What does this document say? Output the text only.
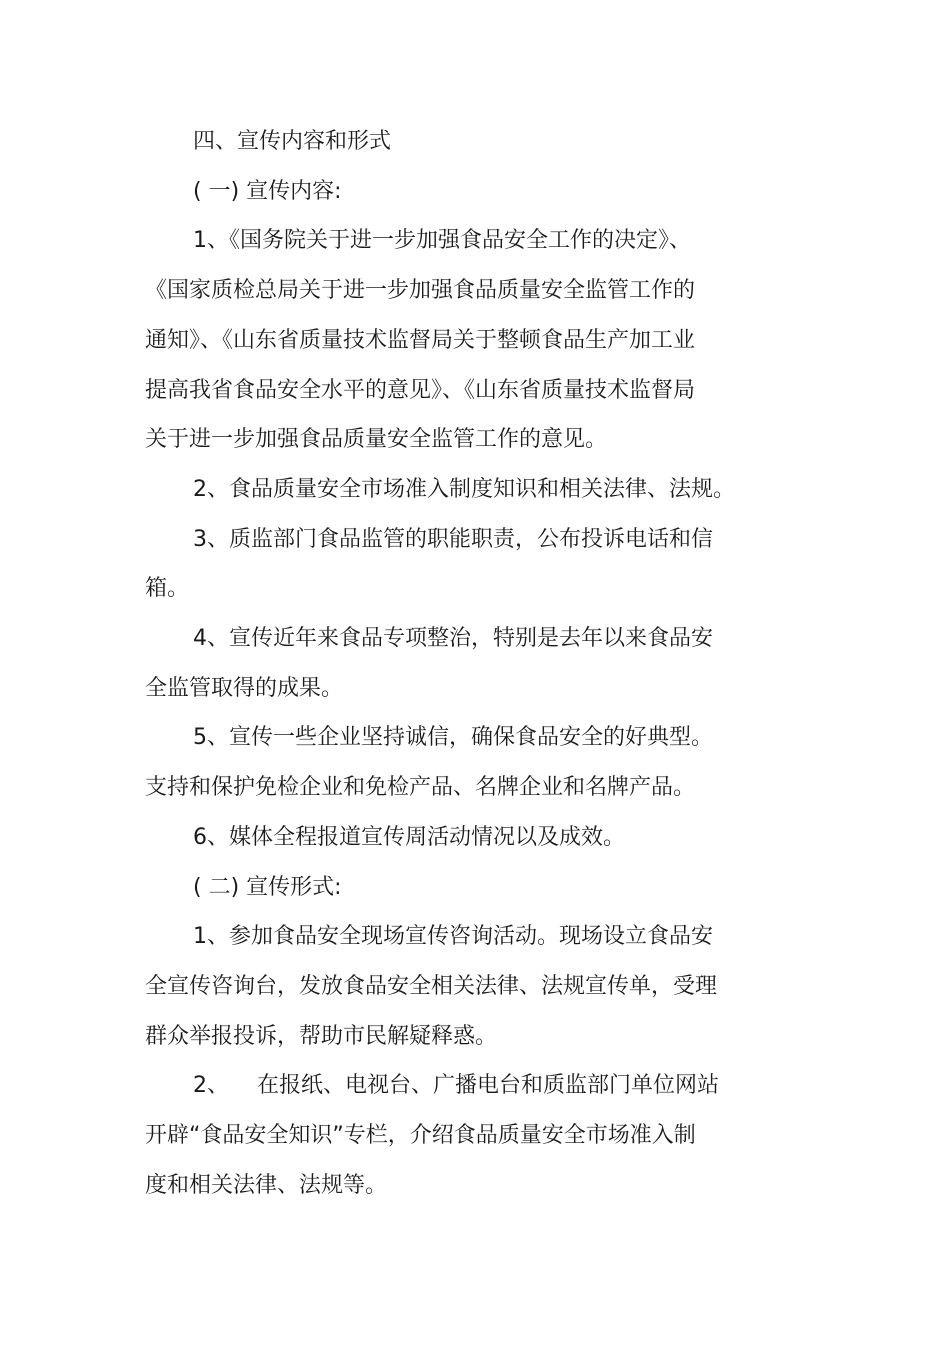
四、宣传内容和形式

( 一) 宣传内容:

1、《国务院关于进一步加强食品安全工作的决定》、

《国家质检总局关于进一步加强食品质量安全监管工作的

通知》、《山东省质量技术监督局关于整顿食品生产加工业

提高我省食品安全水平的意见》、《山东省质量技术监督局

关于进一步加强食品质量安全监管工作的意见。

2、食品质量安全市场准入制度知识和相关法律、法规。

3、质监部门食品监管的职能职责，公布投诉电话和信

箱。

4、宣传近年来食品专项整治，特别是去年以来食品安

全监管取得的成果。

5、宣传一些企业坚持诚信，确保食品安全的好典型。

支持和保护免检企业和免检产品、名牌企业和名牌产品。

6、媒体全程报道宣传周活动情况以及成效。

( 二) 宣传形式:

1、参加食品安全现场宣传咨询活动。现场设立食品安

全宣传咨询台，发放食品安全相关法律、法规宣传单，受理

群众举报投诉，帮助市民解疑释惑。

2、    在报纸、电视台、广播电台和质监部门单位网站

开辟“食品安全知识”专栏，介绍食品质量安全市场准入制

度和相关法律、法规等。
